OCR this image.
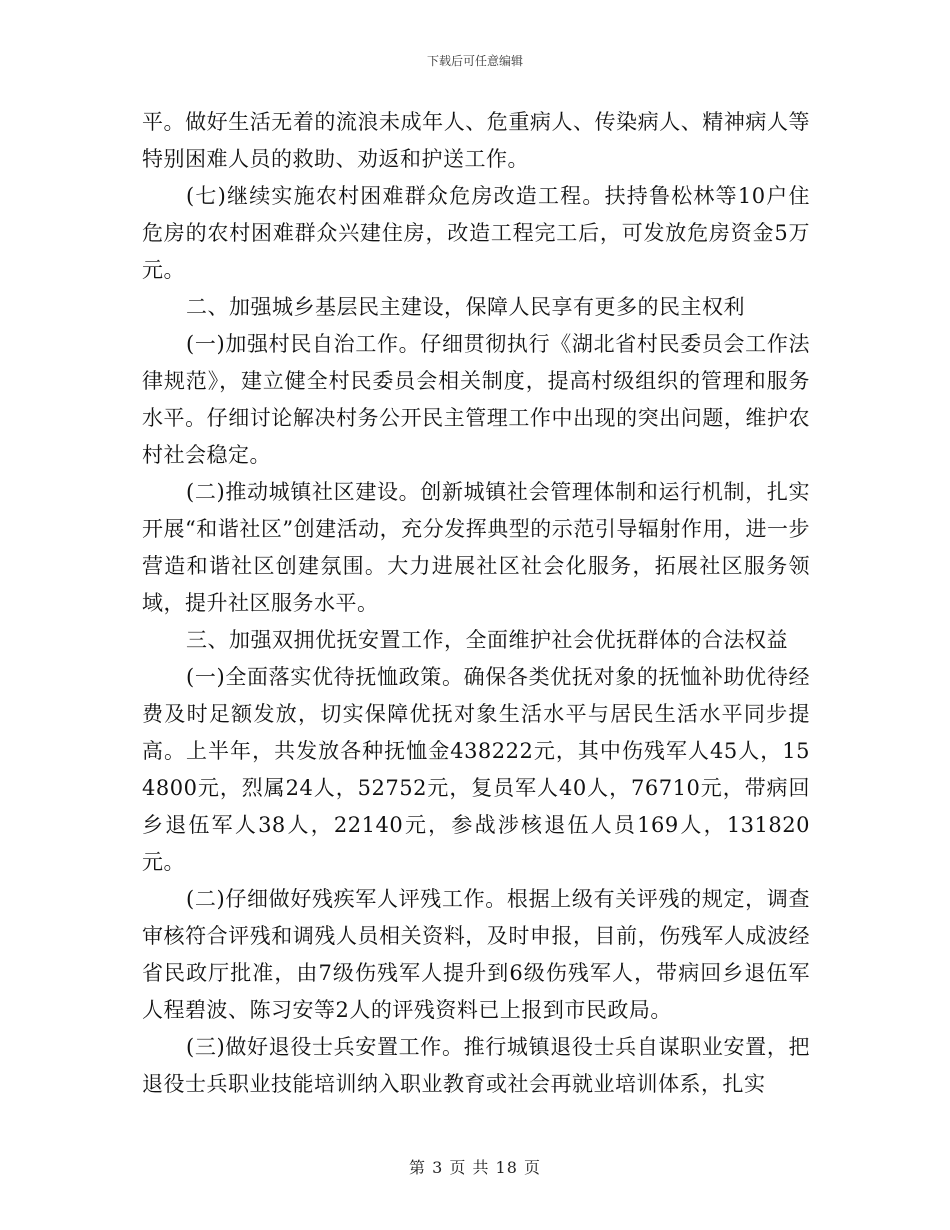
下载后可任意编辑

平。做好生活无着的流浪未成年人、危重病人、传染病人、精神病人等特别困难人员的救助、劝返和护送工作。

(七)继续实施农村困难群众危房改造工程。扶持鲁松林等10户住危房的农村困难群众兴建住房，改造工程完工后，可发放危房资金5万元。

二、加强城乡基层民主建设，保障人民享有更多的民主权利

(一)加强村民自治工作。仔细贯彻执行《湖北省村民委员会工作法律规范》，建立健全村民委员会相关制度，提高村级组织的管理和服务水平。仔细讨论解决村务公开民主管理工作中出现的突出问题，维护农村社会稳定。

(二)推动城镇社区建设。创新城镇社会管理体制和运行机制，扎实开展“和谐社区”创建活动，充分发挥典型的示范引导辐射作用，进一步营造和谐社区创建氛围。大力进展社区社会化服务，拓展社区服务领域，提升社区服务水平。

三、加强双拥优抚安置工作，全面维护社会优抚群体的合法权益

(一)全面落实优待抚恤政策。确保各类优抚对象的抚恤补助优待经费及时足额发放，切实保障优抚对象生活水平与居民生活水平同步提高。上半年，共发放各种抚恤金438222元，其中伤残军人45人，154800元，烈属24人，52752元，复员军人40人，76710元，带病回乡退伍军人38人，22140元，参战涉核退伍人员169人，131820元。

(二)仔细做好残疾军人评残工作。根据上级有关评残的规定，调查审核符合评残和调残人员相关资料，及时申报，目前，伤残军人成波经省民政厅批准，由7级伤残军人提升到6级伤残军人，带病回乡退伍军人程碧波、陈习安等2人的评残资料已上报到市民政局。

(三)做好退役士兵安置工作。推行城镇退役士兵自谋职业安置，把退役士兵职业技能培训纳入职业教育或社会再就业培训体系，扎实

第 3 页 共 18 页
